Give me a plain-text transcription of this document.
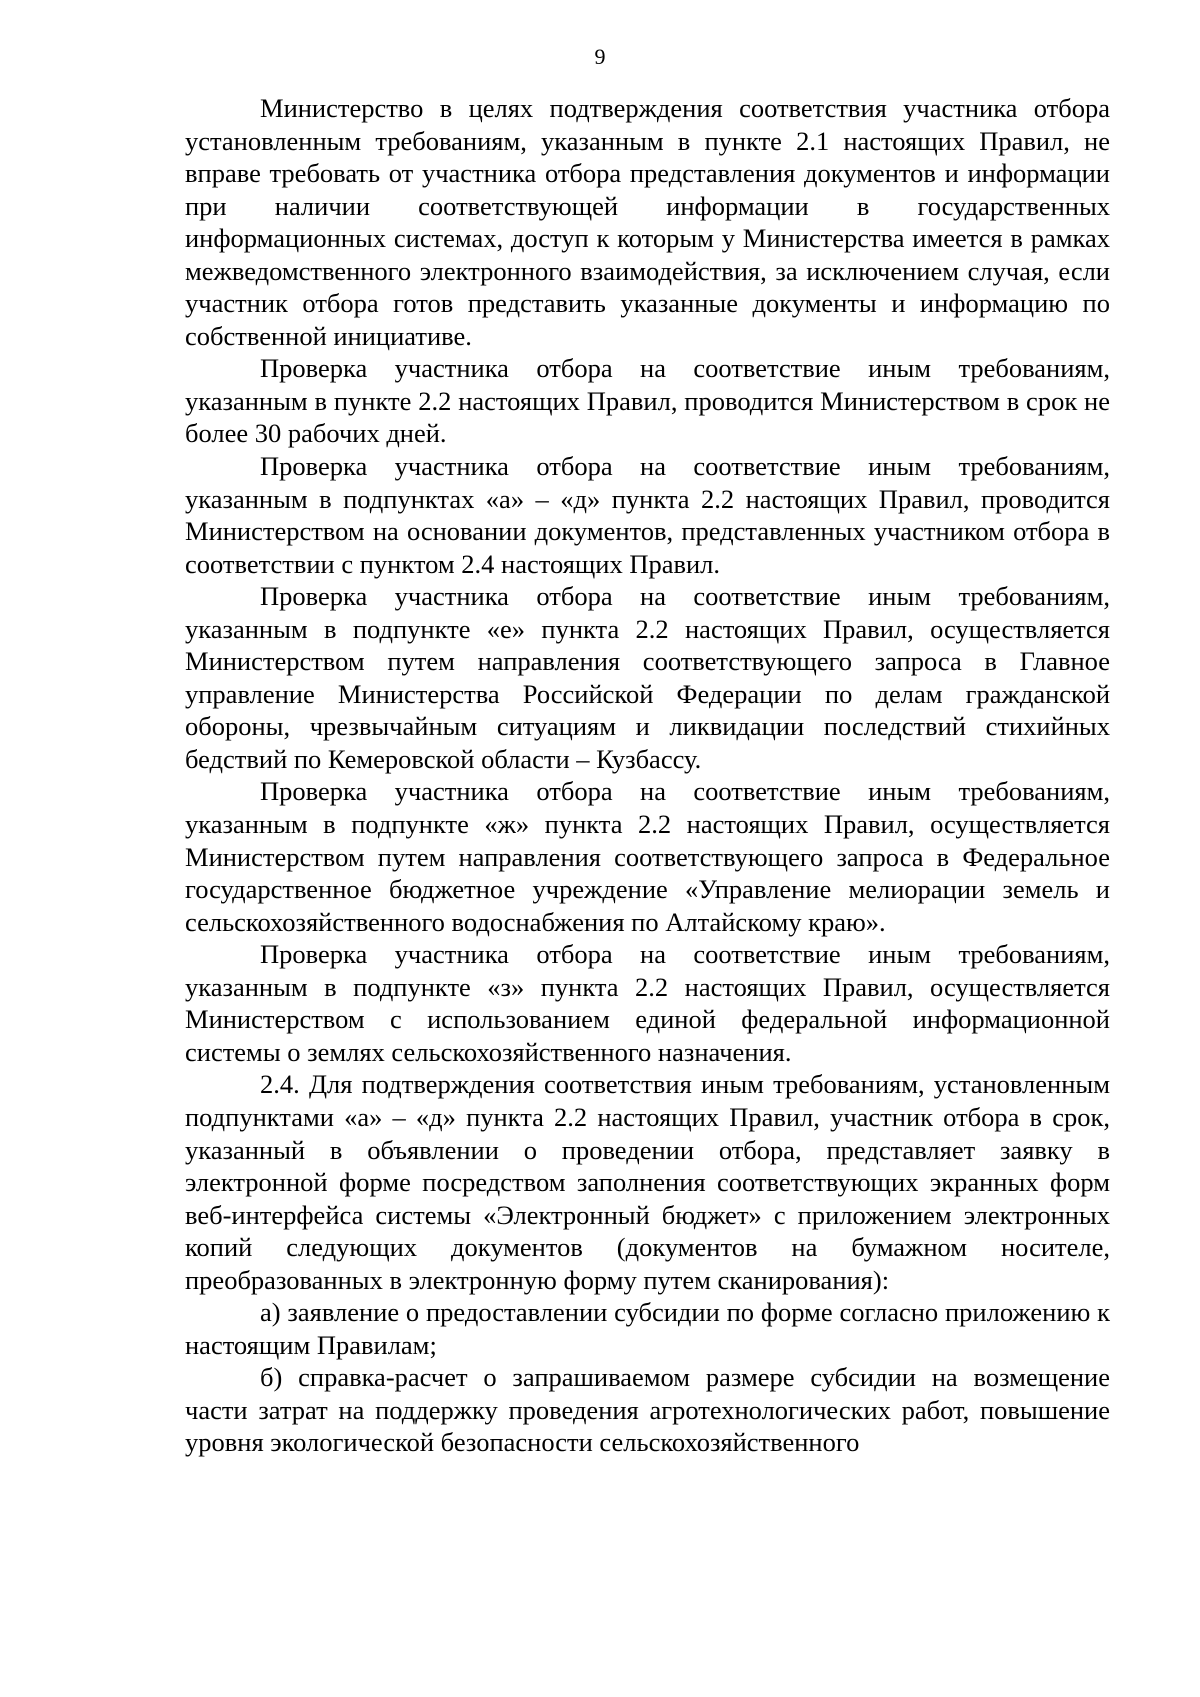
9

Министерство в целях подтверждения соответствия участника отбора установленным требованиям, указанным в пункте 2.1 настоящих Правил, не вправе требовать от участника отбора представления документов и информации при наличии соответствующей информации в государственных информационных системах, доступ к которым у Министерства имеется в рамках межведомственного электронного взаимодействия, за исключением случая, если участник отбора готов представить указанные документы и информацию по собственной инициативе.

Проверка участника отбора на соответствие иным требованиям, указанным в пункте 2.2 настоящих Правил, проводится Министерством в срок не более 30 рабочих дней.

Проверка участника отбора на соответствие иным требованиям, указанным в подпунктах «а» – «д» пункта 2.2 настоящих Правил, проводится Министерством на основании документов, представленных участником отбора в соответствии с пунктом 2.4 настоящих Правил.

Проверка участника отбора на соответствие иным требованиям, указанным в подпункте «е» пункта 2.2 настоящих Правил, осуществляется Министерством путем направления соответствующего запроса в Главное управление Министерства Российской Федерации по делам гражданской обороны, чрезвычайным ситуациям и ликвидации последствий стихийных бедствий по Кемеровской области – Кузбассу.

Проверка участника отбора на соответствие иным требованиям, указанным в подпункте «ж» пункта 2.2 настоящих Правил, осуществляется Министерством путем направления соответствующего запроса в Федеральное государственное бюджетное учреждение «Управление мелиорации земель и сельскохозяйственного водоснабжения по Алтайскому краю».

Проверка участника отбора на соответствие иным требованиям, указанным в подпункте «з» пункта 2.2 настоящих Правил, осуществляется Министерством с использованием единой федеральной информационной системы о землях сельскохозяйственного назначения.

2.4. Для подтверждения соответствия иным требованиям, установленным подпунктами «а» – «д» пункта 2.2 настоящих Правил, участник отбора в срок, указанный в объявлении о проведении отбора, представляет заявку в электронной форме посредством заполнения соответствующих экранных форм веб-интерфейса системы «Электронный бюджет» с приложением электронных копий следующих документов (документов на бумажном носителе, преобразованных в электронную форму путем сканирования):

а) заявление о предоставлении субсидии по форме согласно приложению к настоящим Правилам;

б) справка-расчет о запрашиваемом размере субсидии на возмещение части затрат на поддержку проведения агротехнологических работ, повышение уровня экологической безопасности сельскохозяйственного
